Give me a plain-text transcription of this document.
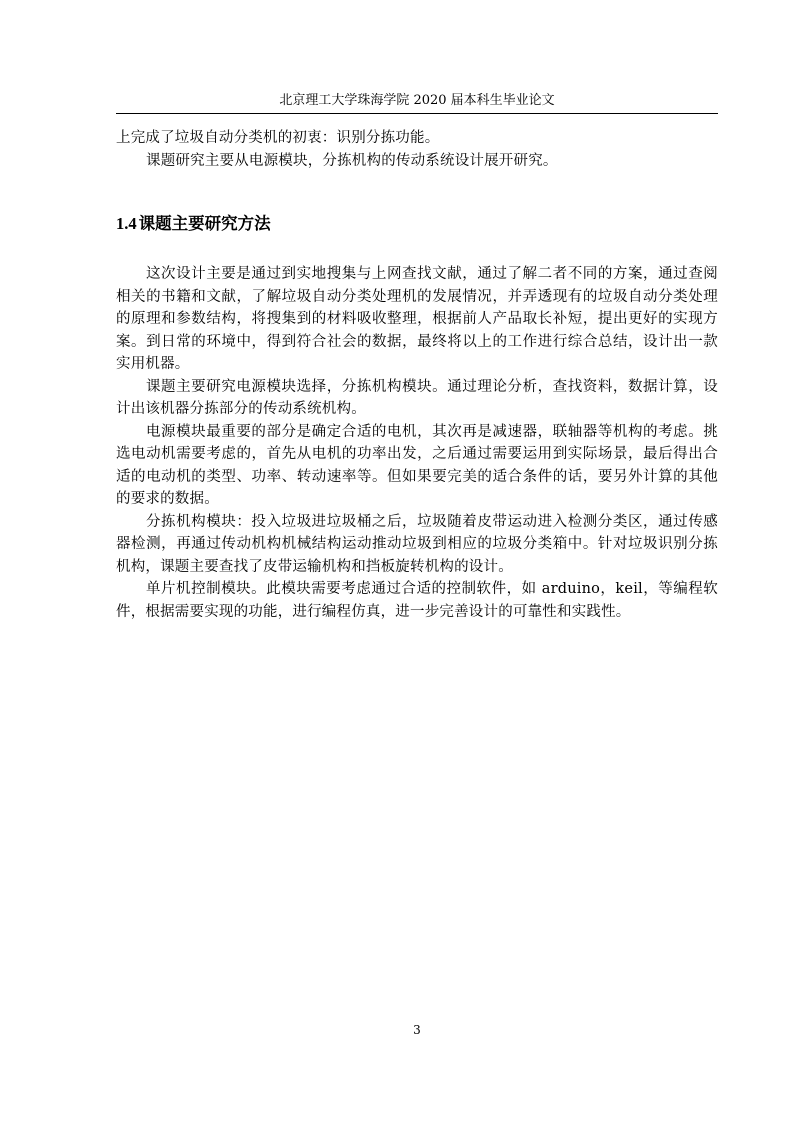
北京理工大学珠海学院 2020 届本科生毕业论文

上完成了垃圾自动分类机的初衷：识别分拣功能。

课题研究主要从电源模块，分拣机构的传动系统设计展开研究。

1.4 课题主要研究方法

这次设计主要是通过到实地搜集与上网查找文献，通过了解二者不同的方案，通过查阅相关的书籍和文献，了解垃圾自动分类处理机的发展情况，并弄透现有的垃圾自动分类处理的原理和参数结构，将搜集到的材料吸收整理，根据前人产品取长补短，提出更好的实现方案。到日常的环境中，得到符合社会的数据，最终将以上的工作进行综合总结，设计出一款实用机器。

课题主要研究电源模块选择，分拣机构模块。通过理论分析，查找资料，数据计算，设计出该机器分拣部分的传动系统机构。

电源模块最重要的部分是确定合适的电机，其次再是减速器，联轴器等机构的考虑。挑选电动机需要考虑的，首先从电机的功率出发，之后通过需要运用到实际场景，最后得出合适的电动机的类型、功率、转动速率等。但如果要完美的适合条件的话，要另外计算的其他的要求的数据。

分拣机构模块：投入垃圾进垃圾桶之后，垃圾随着皮带运动进入检测分类区，通过传感器检测，再通过传动机构机械结构运动推动垃圾到相应的垃圾分类箱中。针对垃圾识别分拣机构，课题主要查找了皮带运输机构和挡板旋转机构的设计。

单片机控制模块。此模块需要考虑通过合适的控制软件，如 arduino，keil，等编程软件，根据需要实现的功能，进行编程仿真，进一步完善设计的可靠性和实践性。

3
